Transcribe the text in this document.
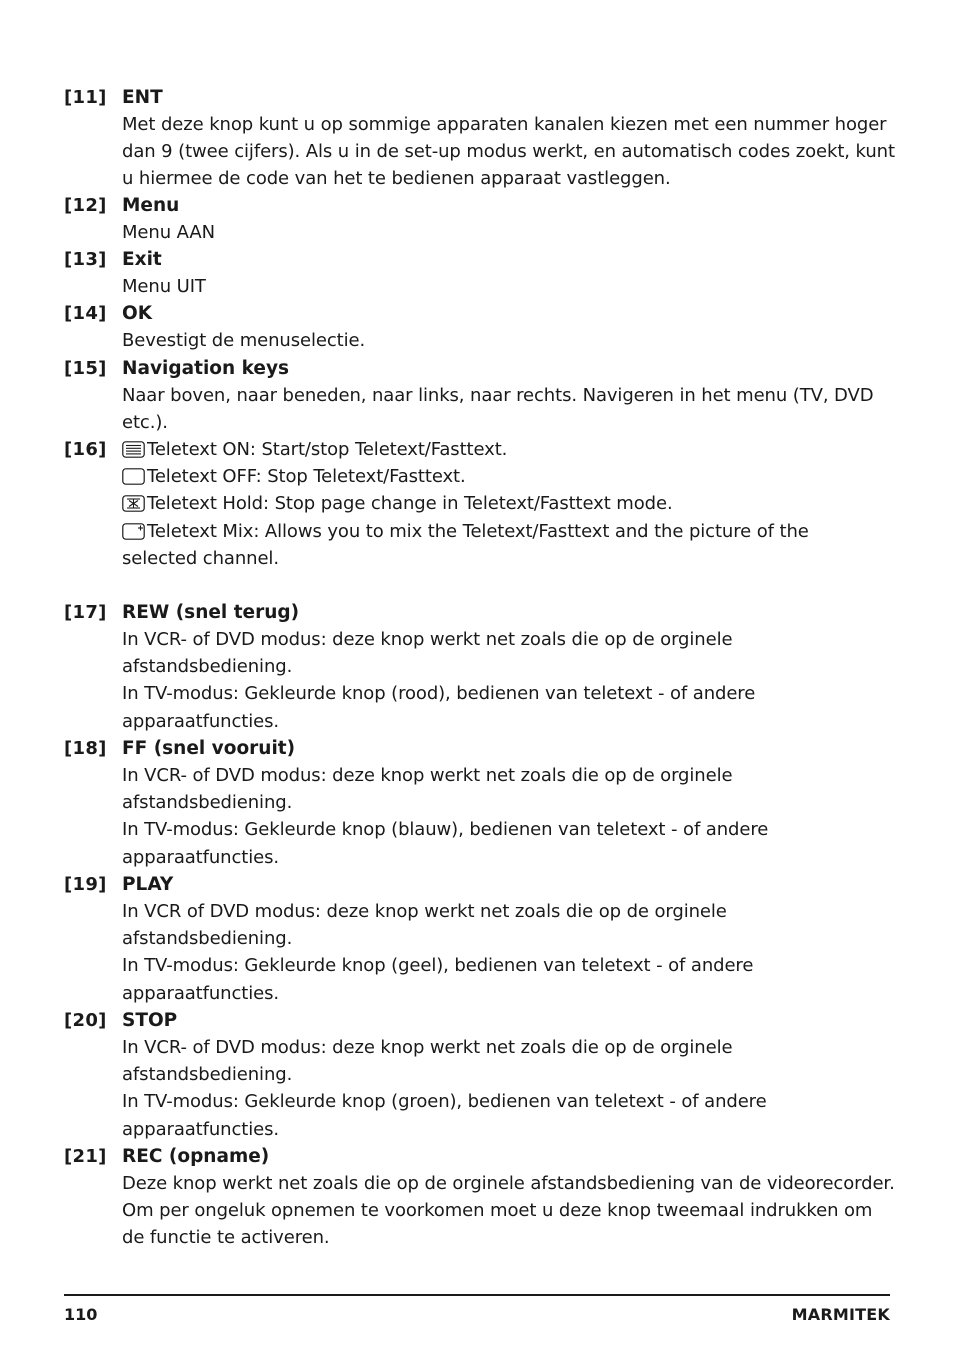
[11] ENT
Met deze knop kunt u op sommige apparaten kanalen kiezen met een nummer hoger
dan 9 (twee cijfers). Als u in de set-up modus werkt, en automatisch codes zoekt, kunt
u hiermee de code van het te bedienen apparaat vastleggen.
[12] Menu
Menu AAN
[13] Exit
Menu UIT
[14] OK
Bevestigt de menuselectie.
[15] Navigation keys
Naar boven, naar beneden, naar links, naar rechts. Navigeren in het menu (TV, DVD
etc.).
[16]	Teletext ON: Start/stop Teletext/Fasttext.
Teletext OFF: Stop Teletext/Fasttext.
Teletext Hold: Stop page change in Teletext/Fasttext mode.
Teletext Mix: Allows you to mix the Teletext/Fasttext and the picture of the
selected channel.
[17] REW (snel terug)
In VCR- of DVD modus: deze knop werkt net zoals die op de orginele
afstandsbediening.
In TV-modus: Gekleurde knop (rood), bedienen van teletext - of andere
apparaatfuncties.
[18] FF (snel vooruit)
In VCR- of DVD modus: deze knop werkt net zoals die op de orginele
afstandsbediening.
In TV-modus: Gekleurde knop (blauw), bedienen van teletext - of andere
apparaatfuncties.
[19] PLAY
In VCR of DVD modus: deze knop werkt net zoals die op de orginele
afstandsbediening.
In TV-modus: Gekleurde knop (geel), bedienen van teletext - of andere
apparaatfuncties.
[20] STOP
In VCR- of DVD modus: deze knop werkt net zoals die op de orginele
afstandsbediening.
In TV-modus: Gekleurde knop (groen), bedienen van teletext - of andere
apparaatfuncties.
[21] REC (opname)
Deze knop werkt net zoals die op de orginele afstandsbediening van de videorecorder.
Om per ongeluk opnemen te voorkomen moet u deze knop tweemaal indrukken om
de functie te activeren.
110	MARMITEK
